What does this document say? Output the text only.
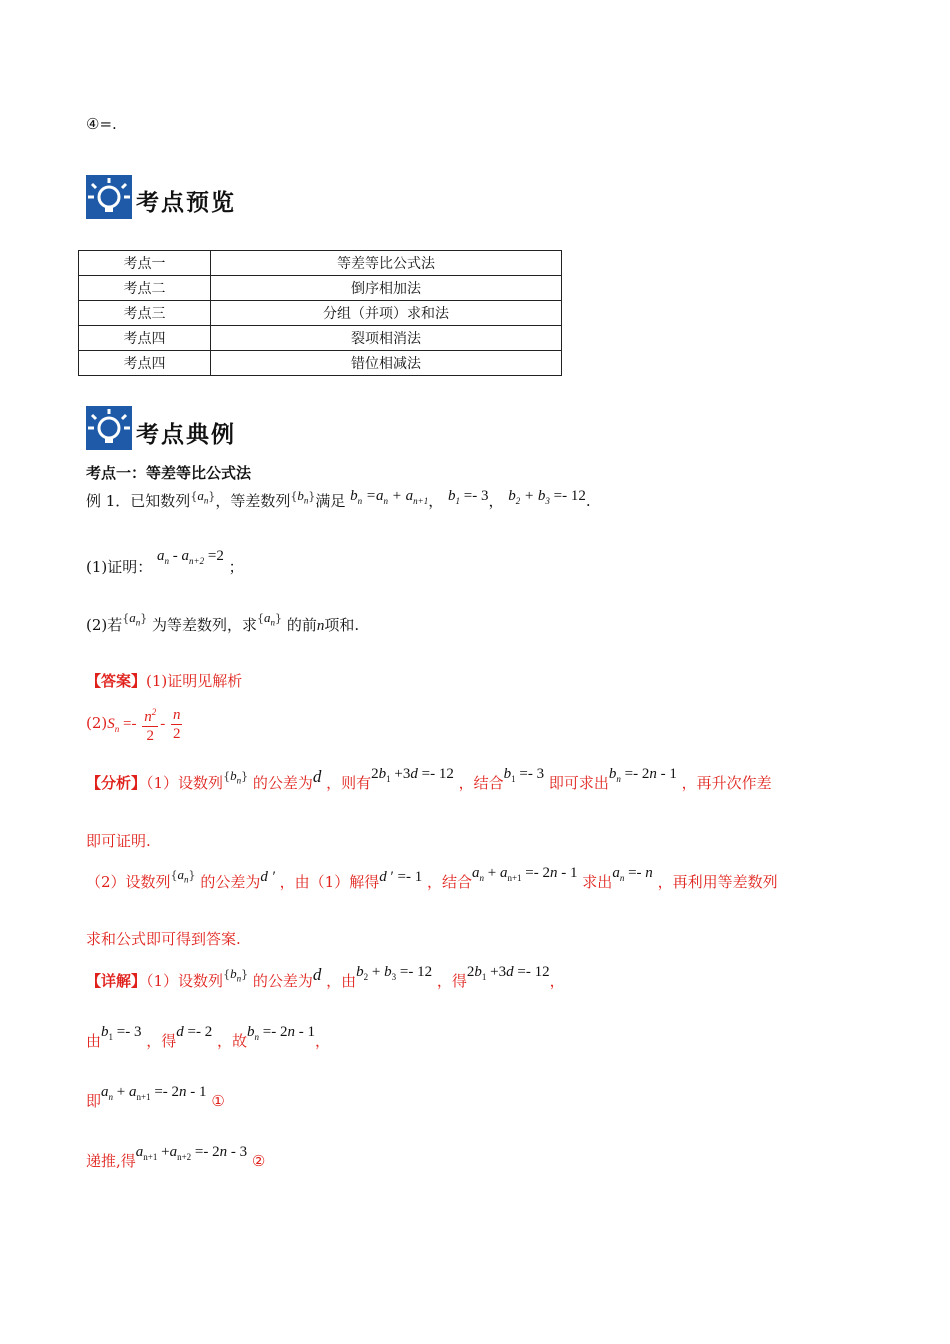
④=.
考点预览
考点一	等差等比公式法
考点二	倒序相加法
考点三	分组（并项）求和法
考点四	裂项相消法
考点四	错位相减法
考点典例
考点一：等差等比公式法
例 1．已知数列$^{\{}a_n^{\}}$，等差数列$^{\{}b_n^{\}}$满足 $b_n =a_n + a_{n+1}$， $b_1 =- 3$， $b_2 + b_3 =- 12$.
(1)证明： $a_n - a_{n+2} =2$ ；
(2)若$^{\{}a_n^{\}}$ 为等差数列，求$^{\{}a_n^{\}}$ 的前n项和.
【答案】(1)证明见解析
$(2)S_n =- \frac{n^2}{2} - \frac{n}{2}$
【分析】（1）设数列$^{\{}b_n^{\}}$ 的公差为d ，则有$2b_1 +3d =- 12$ ，结合$b_1 =- 3$ 即可求出$b_n =- 2n - 1$ ，再升次作差
即可证明.
（2）设数列$^{\{}a_n^{\}}$ 的公差为d ′ ，由（1）解得d ′ =- 1 ，结合$a_n + a_{n+1} =- 2n - 1$ 求出$a_n =- n$ ，再利用等差数列
求和公式即可得到答案.
【详解】（1）设数列$^{\{}b_n^{\}}$ 的公差为d ，由$b_2 + b_3 =- 12$ ，得$2b_1 +3d =- 12$，
由$b_1 =- 3$ ，得d =- 2 ，故$b_n =- 2n - 1$，
即$a_n + a_{n+1} =- 2n - 1$ ①
递推,得$a_{n+1} +a_{n+2} =- 2n - 3$ ②
